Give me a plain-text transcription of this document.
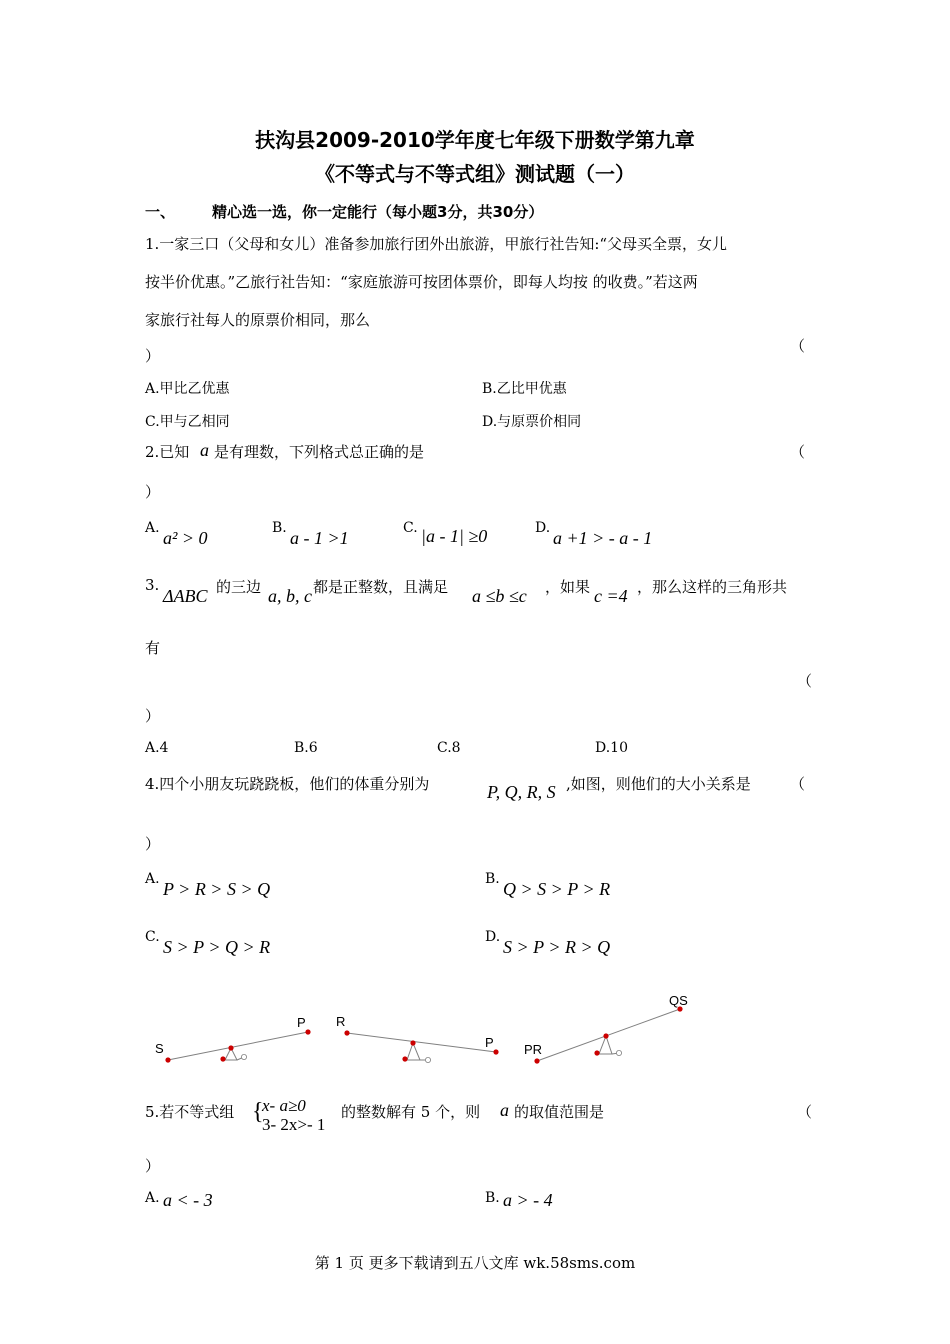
扶沟县2009-2010学年度七年级下册数学第九章
《不等式与不等式组》测试题（一）
一、 精心选一选，你一定能行（每小题3分，共30分）
1.一家三口（父母和女儿）准备参加旅行团外出旅游，甲旅行社告知:“父母买全票，女儿
按半价优惠。”乙旅行社告知：“家庭旅游可按团体票价，即每人均按 的收费。”若这两
家旅行社每人的原票价相同，那么
（
）
A.甲比乙优惠	B.乙比甲优惠
C.甲与乙相同	D.与原票价相同
2.已知 a 是有理数，下列格式总正确的是	（
）
A. a² > 0	B. a - 1 >1	C. |a - 1| ≥0	D. a +1 > - a - 1
3.
ΔABC 的三边 a, b, c 都是正整数，且满足 a ≤b ≤c ，如果 c =4 ，那么这样的三角形共
有
（
）
A.4	B.6	C.8	D.10
4.四个小朋友玩跷跷板，他们的体重分别为	P, Q, R, S ,如图，则他们的大小关系是	（
）
A. P > R > S > Q	B. Q > S > P > R
C. S > P > Q > R	D. S > P > R > Q
S
P R
P PR
QS
5.若不等式组 {
x- a≥0
3- 2x>- 1
的整数解有 5 个，则 a 的取值范围是	（
）
A. a < - 3	B. a > - 4
第 1 页 更多下载请到五八文库 wk.58sms.com
